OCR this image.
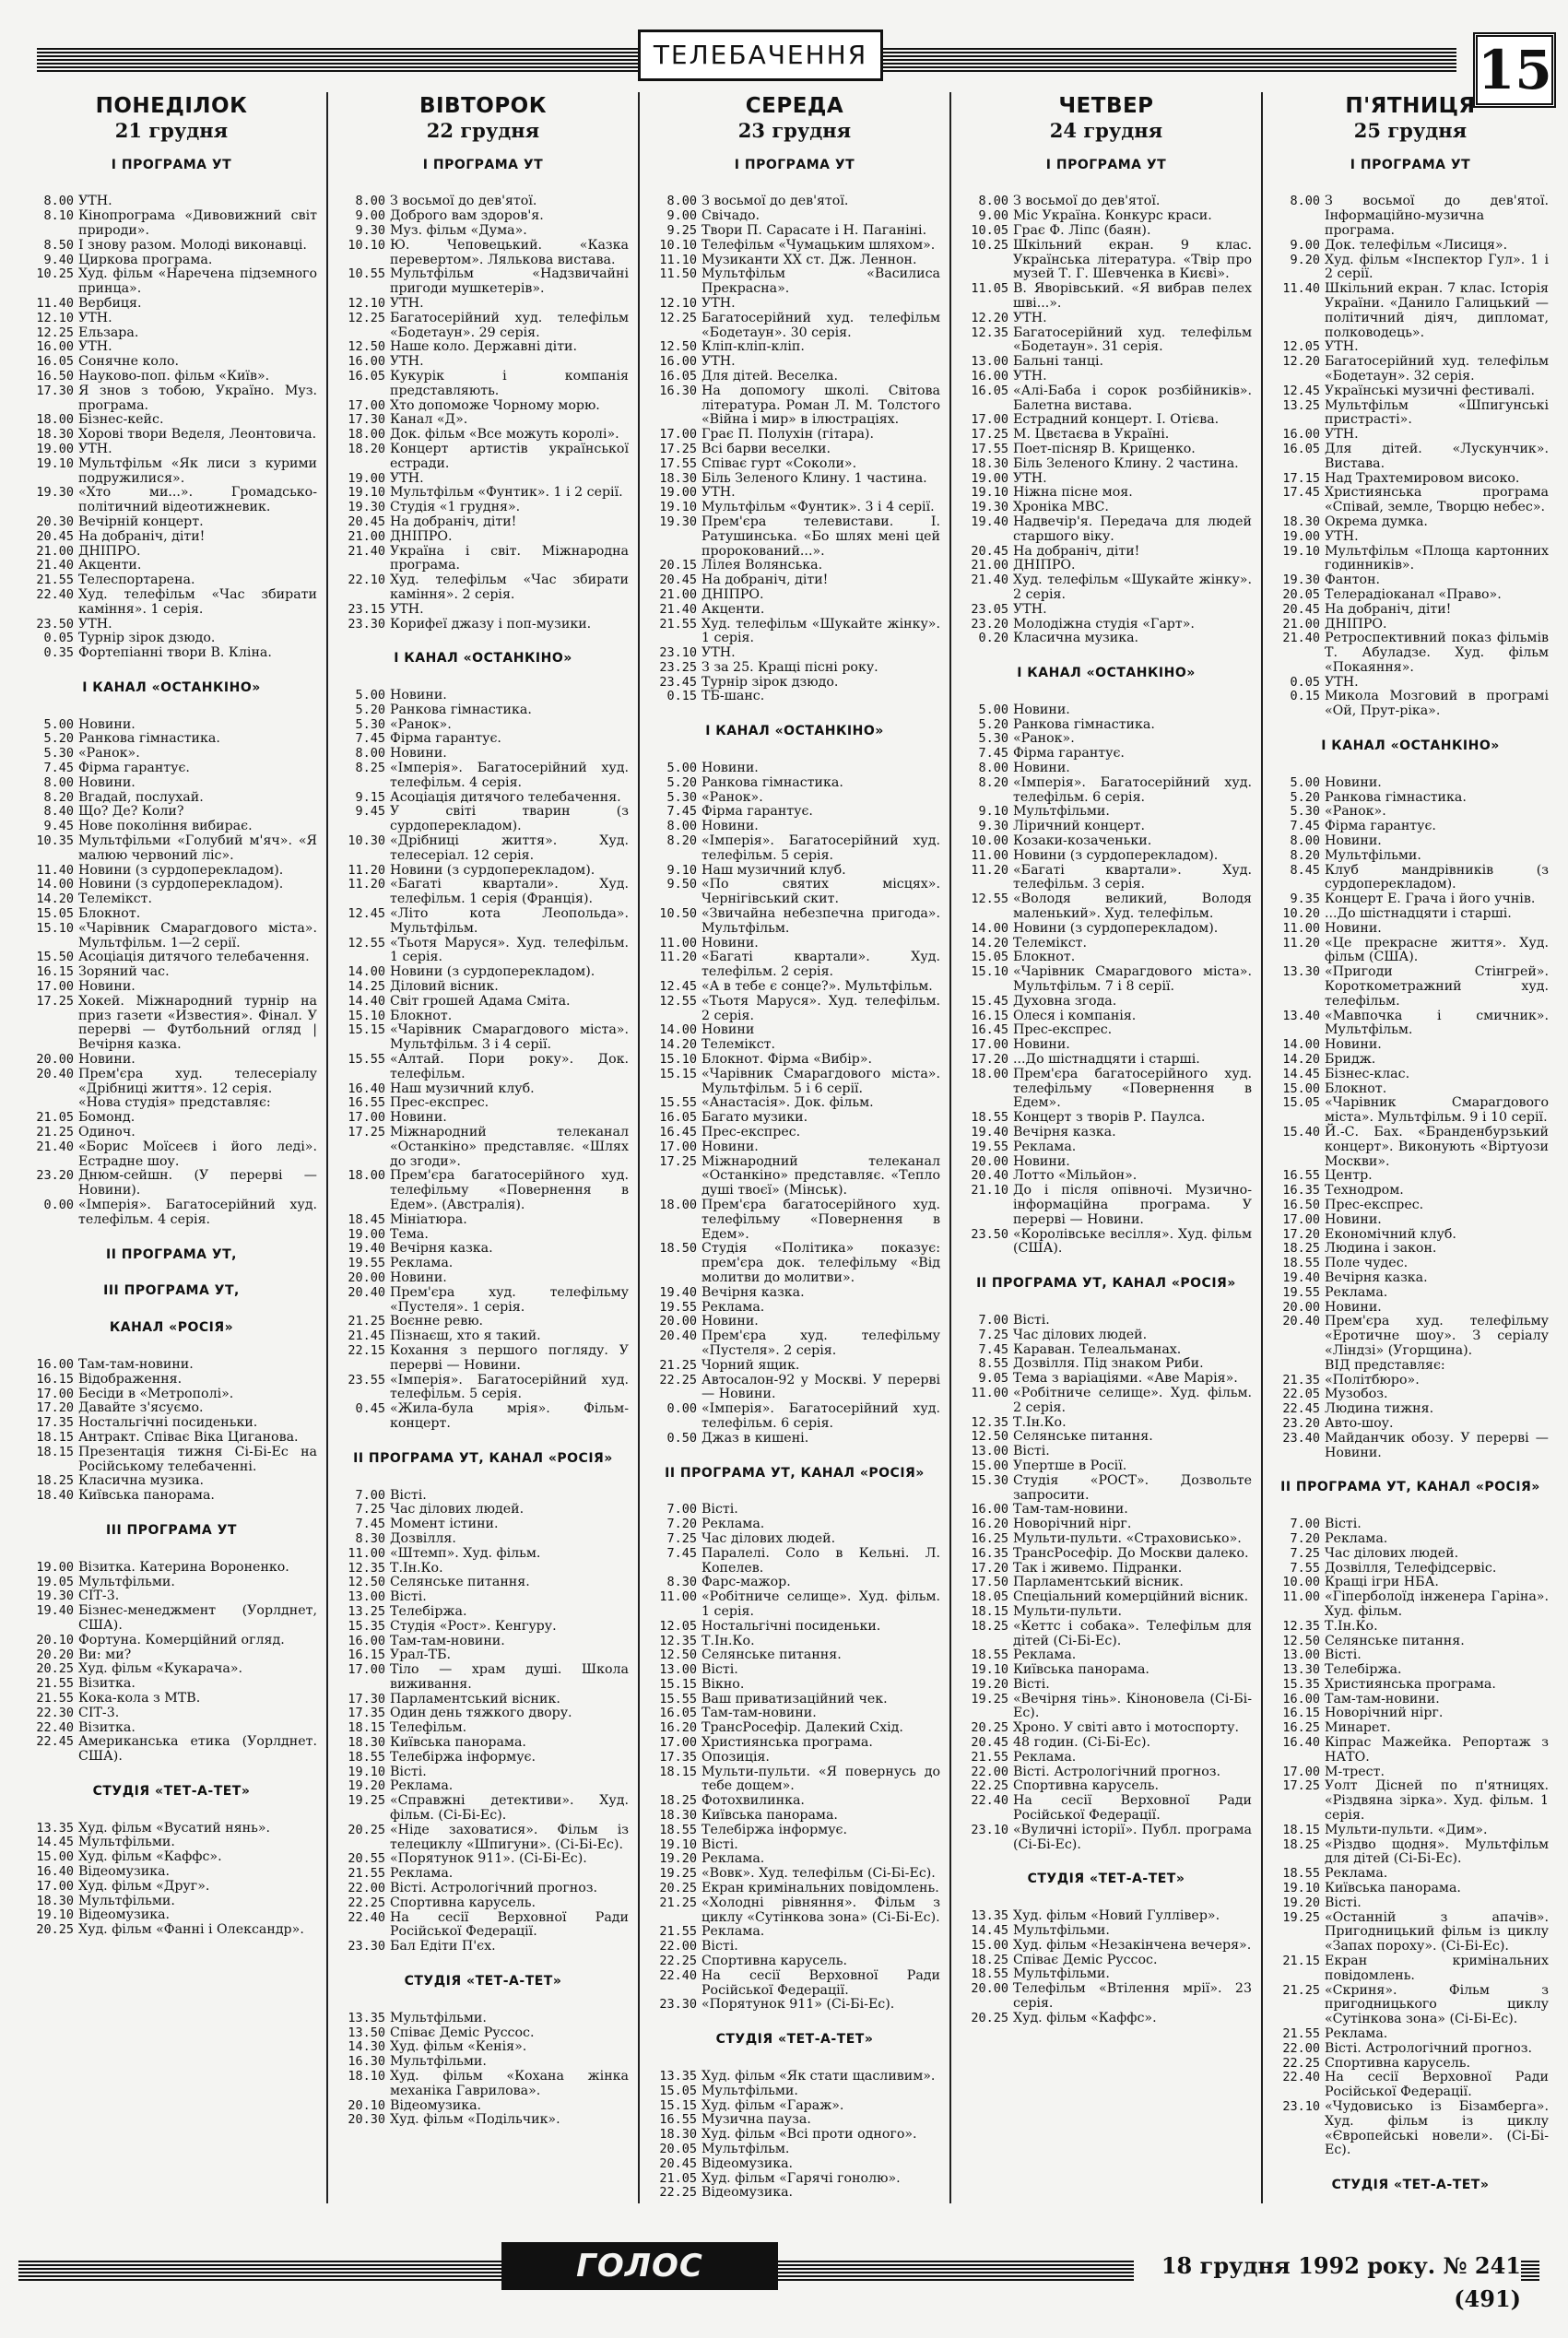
ТЕЛЕБАЧЕННЯ	15
ПОНЕДІЛОК
21 грудня
І ПРОГРАМА УТ
8.00 УТН.
8.10 Кінопрограма «Дивовижний світ природи».
8.50 І знову разом. Молоді виконавці.
9.40 Циркова програма.
10.25 Худ. фільм «Наречена підземного принца».
11.40 Вербиця.
12.10 УТН.
12.25 Ельзара.
16.00 УТН.
16.05 Сонячне коло.
16.50 Науково-поп. фільм «Київ».
17.30 Я знов з тобою, Україно. Муз. програма.
18.00 Бізнес-кейс.
18.30 Хорові твори Веделя, Леонтовича.
19.00 УТН.
19.10 Мультфільм «Як лиси з курими подружилися».
19.30 «Хто ми...». Громадсько-політичний відеотижневик.
20.30 Вечірній концерт.
20.45 На добраніч, діти!
21.00 ДНІПРО.
21.40 Акценти.
21.55 Телеспортарена.
22.40 Худ. телефільм «Час збирати каміння». 1 серія.
23.50 УТН.
0.05 Турнір зірок дзюдо.
0.35 Фортепіанні твори В. Кліна.
І КАНАЛ «ОСТАНКІНО»
5.00 Новини.
5.20 Ранкова гімнастика.
5.30 «Ранок».
7.45 Фірма гарантує.
8.00 Новини.
8.20 Вгадай, послухай.
8.40 Що? Де? Коли?
9.45 Нове покоління вибирає.
10.35 Мультфільми «Голубий м'яч». «Я малюю червоний ліс».
11.40 Новини (з сурдоперекладом).
14.00 Новини (з сурдоперекладом).
14.20 Телемікст.
15.05 Блокнот.
15.10 «Чарівник Смарагдового міста». Мультфільм. 1—2 серії.
15.50 Асоціація дитячого телебачення.
16.15 Зоряний час.
17.00 Новини.
17.25 Хокей. Міжнародний турнір на приз газети «Известия». Фінал. У перерві — Футбольний огляд | Вечірня казка.
20.00 Новини.
20.40 Прем'єра худ. телесеріалу «Дрібниці життя». 12 серія.
«Нова студія» представляє:
21.05 Бомонд.
21.25 Одиноч.
21.40 «Борис Моїсеєв і його леді». Естрадне шоу.
23.20 Днюм-сейшн. (У перерві — Новини).
0.00 «Імперія». Багатосерійний худ. телефільм. 4 серія.
ІІ ПРОГРАМА УТ,
ІІІ ПРОГРАМА УТ,
КАНАЛ «РОСІЯ»
16.00 Там-там-новини.
16.15 Відображення.
17.00 Бесіди в «Метрополі».
17.20 Давайте з'ясуємо.
17.35 Ностальгічні посиденьки.
18.15 Антракт. Співає Віка Циганова.
18.15 Презентація тижня Сі-Бі-Ес на Російському телебаченні.
18.25 Класична музика.
18.40 Київська панорама.
ІІІ ПРОГРАМА УТ
19.00 Візитка. Катерина Вороненко.
19.05 Мультфільми.
19.30 СІТ-3.
19.40 Бізнес-менеджмент (Уорлднет, США).
20.10 Фортуна. Комерційний огляд.
20.20 Ви: ми?
20.25 Худ. фільм «Кукарача».
21.55 Візитка.
21.55 Кока-кола з МТВ.
22.30 СІТ-3.
22.40 Візитка.
22.45 Американська етика (Уорлднет. США).
СТУДІЯ «ТЕТ-А-ТЕТ»
13.35 Худ. фільм «Вусатий нянь».
14.45 Мультфільми.
15.00 Худ. фільм «Каффс».
16.40 Відеомузика.
17.00 Худ. фільм «Друг».
18.30 Мультфільми.
19.10 Відеомузика.
20.25 Худ. фільм «Фанні і Олександр».
ВІВТОРОК
22 грудня
І ПРОГРАМА УТ
8.00 З восьмої до дев'ятої.
9.00 Доброго вам здоров'я.
9.30 Муз. фільм «Дума».
10.10 Ю. Чеповецький. «Казка перевертом». Лялькова вистава.
10.55 Мультфільм «Надзвичайні пригоди мушкетерів».
12.10 УТН.
12.25 Багатосерійний худ. телефільм «Бодетаун». 29 серія.
12.50 Наше коло. Державні діти.
16.00 УТН.
16.05 Кукурік і компанія представляють.
17.00 Хто допоможе Чорному морю.
17.30 Канал «Д».
18.00 Док. фільм «Все можуть королі».
18.20 Концерт артистів української естради.
19.00 УТН.
19.10 Мультфільм «Фунтик». 1 і 2 серії.
19.30 Студія «1 грудня».
20.45 На добраніч, діти!
21.00 ДНІПРО.
21.40 Україна і світ. Міжнародна програма.
22.10 Худ. телефільм «Час збирати каміння». 2 серія.
23.15 УТН.
23.30 Корифеї джазу і поп-музики.
І КАНАЛ «ОСТАНКІНО»
5.00 Новини.
5.20 Ранкова гімнастика.
5.30 «Ранок».
7.45 Фірма гарантує.
8.00 Новини.
8.25 «Імперія». Багатосерійний худ. телефільм. 4 серія.
9.15 Асоціація дитячого телебачення.
9.45 У світі тварин (з сурдоперекладом).
10.30 «Дрібниці життя». Худ. телесеріал. 12 серія.
11.20 Новини (з сурдоперекладом).
11.20 «Багаті квартали». Худ. телефільм. 1 серія (Франція).
12.45 «Літо кота Леопольда». Мультфільм.
12.55 «Тьотя Маруся». Худ. телефільм. 1 серія.
14.00 Новини (з сурдоперекладом).
14.25 Діловий вісник.
14.40 Світ грошей Адама Сміта.
15.10 Блокнот.
15.15 «Чарівник Смарагдового міста». Мультфільм. 3 і 4 серії.
15.55 «Алтай. Пори року». Док. телефільм.
16.40 Наш музичний клуб.
16.55 Прес-експрес.
17.00 Новини.
17.25 Міжнародний телеканал «Останкіно» представляє. «Шлях до згоди».
18.00 Прем'єра багатосерійного худ. телефільму «Повернення в Едем». (Австралія).
18.45 Мініатюра.
19.00 Тема.
19.40 Вечірня казка.
19.55 Реклама.
20.00 Новини.
20.40 Прем'єра худ. телефільму «Пустеля». 1 серія.
21.25 Воєнне ревю.
21.45 Пізнаєш, хто я такий.
22.15 Кохання з першого погляду. У перерві — Новини.
23.55 «Імперія». Багатосерійний худ. телефільм. 5 серія.
0.45 «Жила-була мрія». Фільм-концерт.
ІІ ПРОГРАМА УТ, КАНАЛ «РОСІЯ»
7.00 Вісті.
7.25 Час ділових людей.
7.45 Момент істини.
8.30 Дозвілля.
11.00 «Штемп». Худ. фільм.
12.35 Т.Ін.Ко.
12.50 Селянське питання.
13.00 Вісті.
13.25 Телебіржа.
15.35 Студія «Рост». Кенгуру.
16.00 Там-там-новини.
16.15 Урал-ТБ.
17.00 Тіло — храм душі. Школа виживання.
17.30 Парламентський вісник.
17.35 Один день тяжкого двору.
18.15 Телефільм.
18.30 Київська панорама.
18.55 Телебіржа інформує.
19.10 Вісті.
19.20 Реклама.
19.25 «Справжні детективи». Худ. фільм. (Сі-Бі-Ес).
20.25 «Ніде заховатися». Фільм із телециклу «Шпигуни». (Сі-Бі-Ес).
20.55 «Порятунок 911». (Сі-Бі-Ес).
21.55 Реклама.
22.00 Вісті. Астрологічний прогноз.
22.25 Спортивна карусель.
22.40 На сесії Верховної Ради Російської Федерації.
23.30 Бал Едіти П'єх.
СТУДІЯ «ТЕТ-А-ТЕТ»
13.35 Мультфільми.
13.50 Співає Деміс Руссос.
14.30 Худ. фільм «Кенія».
16.30 Мультфільми.
18.10 Худ. фільм «Кохана жінка механіка Гаврилова».
20.10 Відеомузика.
20.30 Худ. фільм «Подільчик».
СЕРЕДА
23 грудня
І ПРОГРАМА УТ
8.00 З восьмої до дев'ятої.
9.00 Свічадо.
9.25 Твори П. Сарасате і Н. Паганіні.
10.10 Телефільм «Чумацьким шляхом».
11.10 Музиканти XX ст. Дж. Леннон.
11.50 Мультфільм «Василиса Прекрасна».
12.10 УТН.
12.25 Багатосерійний худ. телефільм «Бодетаун». 30 серія.
12.50 Кліп-кліп-кліп.
16.00 УТН.
16.05 Для дітей. Веселка.
16.30 На допомогу школі. Світова література. Роман Л. М. Толстого «Війна і мир» в ілюстраціях.
17.00 Грає П. Полухін (гітара).
17.25 Всі барви веселки.
17.55 Співає гурт «Соколи».
18.30 Біль Зеленого Клину. 1 частина.
19.00 УТН.
19.10 Мультфільм «Фунтик». 3 і 4 серії.
19.30 Прем'єра телевистави. І. Ратушинська. «Бо шлях мені цей пророкований...».
20.15 Лілея Волянська.
20.45 На добраніч, діти!
21.00 ДНІПРО.
21.40 Акценти.
21.55 Худ. телефільм «Шукайте жінку». 1 серія.
23.10 УТН.
23.25 З за 25. Кращі пісні року.
23.45 Турнір зірок дзюдо.
0.15 ТБ-шанс.
І КАНАЛ «ОСТАНКІНО»
5.00 Новини.
5.20 Ранкова гімнастика.
5.30 «Ранок».
7.45 Фірма гарантує.
8.00 Новини.
8.20 «Імперія». Багатосерійний худ. телефільм. 5 серія.
9.10 Наш музичний клуб.
9.50 «По святих місцях». Чернігівський скит.
10.50 «Звичайна небезпечна пригода». Мультфільм.
11.00 Новини.
11.20 «Багаті квартали». Худ. телефільм. 2 серія.
12.45 «А в тебе є сонце?». Мультфільм.
12.55 «Тьотя Маруся». Худ. телефільм. 2 серія.
14.00 Новини
14.20 Телемікст.
15.10 Блокнот. Фірма «Вибір».
15.15 «Чарівник Смарагдового міста». Мультфільм. 5 і 6 серії.
15.55 «Анастасія». Док. фільм.
16.05 Багато музики.
16.45 Прес-експрес.
17.00 Новини.
17.25 Міжнародний телеканал «Останкіно» представляє. «Тепло душі твоєї» (Мінськ).
18.00 Прем'єра багатосерійного худ. телефільму «Повернення в Едем».
18.50 Студія «Політика» показує: прем'єра док. телефільму «Від молитви до молитви».
19.40 Вечірня казка.
19.55 Реклама.
20.00 Новини.
20.40 Прем'єра худ. телефільму «Пустеля». 2 серія.
21.25 Чорний ящик.
22.25 Автосалон-92 у Москві. У перерві — Новини.
0.00 «Імперія». Багатосерійний худ. телефільм. 6 серія.
0.50 Джаз в кишені.
ІІ ПРОГРАМА УТ, КАНАЛ «РОСІЯ»
7.00 Вісті.
7.20 Реклама.
7.25 Час ділових людей.
7.45 Паралелі. Соло в Кельні. Л. Копелев.
8.30 Фарс-мажор.
11.00 «Робітниче селище». Худ. фільм. 1 серія.
12.05 Ностальгічні посиденьки.
12.35 Т.Ін.Ко.
12.50 Селянське питання.
13.00 Вісті.
15.15 Вікно.
15.55 Ваш приватизаційний чек.
16.05 Там-там-новини.
16.20 ТрансРосефір. Далекий Схід.
17.00 Християнська програма.
17.35 Опозиція.
18.15 Мульти-пульти. «Я повернусь до тебе дощем».
18.25 Фотохвилинка.
18.30 Київська панорама.
18.55 Телебіржа інформує.
19.10 Вісті.
19.20 Реклама.
19.25 «Вовк». Худ. телефільм (Сі-Бі-Ес).
20.25 Екран кримінальних повідомлень.
21.25 «Холодні рівняння». Фільм з циклу «Сутінкова зона» (Сі-Бі-Ес).
21.55 Реклама.
22.00 Вісті.
22.25 Спортивна карусель.
22.40 На сесії Верховної Ради Російської Федерації.
23.30 «Порятунок 911» (Сі-Бі-Ес).
СТУДІЯ «ТЕТ-А-ТЕТ»
13.35 Худ. фільм «Як стати щасливим».
15.05 Мультфільми.
15.15 Худ. фільм «Гараж».
16.55 Музична пауза.
18.30 Худ. фільм «Всі проти одного».
20.05 Мультфільм.
20.45 Відеомузика.
21.05 Худ. фільм «Гарячі гонолю».
22.25 Відеомузика.
ЧЕТВЕР
24 грудня
І ПРОГРАМА УТ
8.00 З восьмої до дев'ятої.
9.00 Міс Україна. Конкурс краси.
10.05 Грає Ф. Ліпс (баян).
10.25 Шкільний екран. 9 клас. Українська література. «Твір про музей Т. Г. Шевченка в Києві».
11.05 В. Яворівський. «Я вибрав пелех шві...».
12.20 УТН.
12.35 Багатосерійний худ. телефільм «Бодетаун». 31 серія.
13.00 Бальні танці.
16.00 УТН.
16.05 «Алі-Баба і сорок розбійників». Балетна вистава.
17.00 Естрадний концерт. І. Отієва.
17.25 М. Цвєтаєва в Україні.
17.55 Поет-пісняр В. Крищенко.
18.30 Біль Зеленого Клину. 2 частина.
19.00 УТН.
19.10 Ніжна пісне моя.
19.30 Хроніка МВС.
19.40 Надвечір'я. Передача для людей старшого віку.
20.45 На добраніч, діти!
21.00 ДНІПРО.
21.40 Худ. телефільм «Шукайте жінку». 2 серія.
23.05 УТН.
23.20 Молодіжна студія «Гарт».
0.20 Класична музика.
І КАНАЛ «ОСТАНКІНО»
5.00 Новини.
5.20 Ранкова гімнастика.
5.30 «Ранок».
7.45 Фірма гарантує.
8.00 Новини.
8.20 «Імперія». Багатосерійний худ. телефільм. 6 серія.
9.10 Мультфільми.
9.30 Ліричний концерт.
10.00 Козаки-козаченьки.
11.00 Новини (з сурдоперекладом).
11.20 «Багаті квартали». Худ. телефільм. 3 серія.
12.55 «Володя великий, Володя маленький». Худ. телефільм.
14.00 Новини (з сурдоперекладом).
14.20 Телемікст.
15.05 Блокнот.
15.10 «Чарівник Смарагдового міста». Мультфільм. 7 і 8 серії.
15.45 Духовна згода.
16.15 Олеся і компанія.
16.45 Прес-експрес.
17.00 Новини.
17.20 ...До шістнадцяти і старші.
18.00 Прем'єра багатосерійного худ. телефільму «Повернення в Едем».
18.55 Концерт з творів Р. Паулса.
19.40 Вечірня казка.
19.55 Реклама.
20.00 Новини.
20.40 Лотто «Мільйон».
21.10 До і після опівночі. Музично-інформаційна програма. У перерві — Новини.
23.50 «Королівське весілля». Худ. фільм (США).
ІІ ПРОГРАМА УТ, КАНАЛ «РОСІЯ»
7.00 Вісті.
7.25 Час ділових людей.
7.45 Караван. Телеальманах.
8.55 Дозвілля. Під знаком Риби.
9.05 Тема з варіаціями. «Аве Марія».
11.00 «Робітниче селище». Худ. фільм. 2 серія.
12.35 Т.Ін.Ко.
12.50 Селянське питання.
13.00 Вісті.
15.00 Упертше в Росії.
15.30 Студія «РОСТ». Дозвольте запросити.
16.00 Там-там-новини.
16.20 Новорічний нірг.
16.25 Мульти-пульти. «Страховисько».
16.35 ТрансРосефір. До Москви далеко.
17.20 Так і живемо. Підранки.
17.50 Парламентський вісник.
18.05 Спеціальний комерційний вісник.
18.15 Мульти-пульти.
18.25 «Кеттс і собака». Телефільм для дітей (Сі-Бі-Ес).
18.55 Реклама.
19.10 Київська панорама.
19.20 Вісті.
19.25 «Вечірня тінь». Кіноновела (Сі-Бі-Ес).
20.25 Хроно. У світі авто і мотоспорту.
20.45 48 годин. (Сі-Бі-Ес).
21.55 Реклама.
22.00 Вісті. Астрологічний прогноз.
22.25 Спортивна карусель.
22.40 На сесії Верховної Ради Російської Федерації.
23.10 «Вуличні історії». Публ. програма (Сі-Бі-Ес).
СТУДІЯ «ТЕТ-А-ТЕТ»
13.35 Худ. фільм «Новий Гуллівер».
14.45 Мультфільми.
15.00 Худ. фільм «Незакінчена вечеря».
18.25 Співає Деміс Руссос.
18.55 Мультфільми.
20.00 Телефільм «Втілення мрії». 23 серія.
20.25 Худ. фільм «Каффс».
П'ЯТНИЦЯ
25 грудня
І ПРОГРАМА УТ
8.00 З восьмої до дев'ятої. Інформаційно-музична програма.
9.00 Док. телефільм «Лисиця».
9.20 Худ. фільм «Інспектор Гул». 1 і 2 серії.
11.40 Шкільний екран. 7 клас. Історія України. «Данило Галицький — політичний діяч, дипломат, полководець».
12.05 УТН.
12.20 Багатосерійний худ. телефільм «Бодетаун». 32 серія.
12.45 Українські музичні фестивалі.
13.25 Мультфільм «Шпигунські пристрасті».
16.00 УТН.
16.05 Для дітей. «Лускунчик». Вистава.
17.15 Над Трахтемировом високо.
17.45 Християнська програма «Співай, земле, Творцю небес».
18.30 Окрема думка.
19.00 УТН.
19.10 Мультфільм «Площа картонних годинників».
19.30 Фантон.
20.05 Телерадіоканал «Право».
20.45 На добраніч, діти!
21.00 ДНІПРО.
21.40 Ретроспективний показ фільмів Т. Абуладзе. Худ. фільм «Покаяння».
0.05 УТН.
0.15 Микола Мозговий в програмі «Ой, Прут-ріка».
І КАНАЛ «ОСТАНКІНО»
5.00 Новини.
5.20 Ранкова гімнастика.
5.30 «Ранок».
7.45 Фірма гарантує.
8.00 Новини.
8.20 Мультфільми.
8.45 Клуб мандрівників (з сурдоперекладом).
9.35 Концерт Е. Грача і його учнів.
10.20 ...До шістнадцяти і старші.
11.00 Новини.
11.20 «Це прекрасне життя». Худ. фільм (США).
13.30 «Пригоди Стінгрей». Короткометражний худ. телефільм.
13.40 «Мавпочка і смичник». Мультфільм.
14.00 Новини.
14.20 Бридж.
14.45 Бізнес-клас.
15.00 Блокнот.
15.05 «Чарівник Смарагдового міста». Мультфільм. 9 і 10 серії.
15.40 Й.-С. Бах. «Бранденбурзький концерт». Виконують «Віртуози Москви».
16.55 Центр.
16.35 Технодром.
16.50 Прес-експрес.
17.00 Новини.
17.20 Економічний клуб.
18.25 Людина і закон.
18.55 Поле чудес.
19.40 Вечірня казка.
19.55 Реклама.
20.00 Новини.
20.40 Прем'єра худ. телефільму «Еротичне шоу». З серіалу «Ліндзі» (Угорщина).
ВІД представляє:
21.35 «Політбюро».
22.05 Музобоз.
22.45 Людина тижня.
23.20 Авто-шоу.
23.40 Майданчик обозу. У перерві — Новини.
ІІ ПРОГРАМА УТ, КАНАЛ «РОСІЯ»
7.00 Вісті.
7.20 Реклама.
7.25 Час ділових людей.
7.55 Дозвілля, Телефідсервіс.
10.00 Кращі ігри НБА.
11.00 «Гіперболоїд інженера Гаріна». Худ. фільм.
12.35 Т.Ін.Ко.
12.50 Селянське питання.
13.00 Вісті.
13.30 Телебіржа.
15.35 Християнська програма.
16.00 Там-там-новини.
16.15 Новорічний нірг.
16.25 Минарет.
16.40 Кіпрас Мажейка. Репортаж з НАТО.
17.00 М-трест.
17.25 Уолт Дісней по п'ятницях. «Різдвяна зірка». Худ. фільм. 1 серія.
18.15 Мульти-пульти. «Дим».
18.25 «Різдво щодня». Мультфільм для дітей (Сі-Бі-Ес).
18.55 Реклама.
19.10 Київська панорама.
19.20 Вісті.
19.25 «Останній з апачів». Пригодницький фільм із циклу «Запах пороху». (Сі-Бі-Ес).
21.15 Екран кримінальних повідомлень.
21.25 «Скриня». Фільм з пригодницького циклу «Сутінкова зона» (Сі-Бі-Ес).
21.55 Реклама.
22.00 Вісті. Астрологічний прогноз.
22.25 Спортивна карусель.
22.40 На сесії Верховної Ради Російської Федерації.
23.10 «Чудовисько із Бізамбергa». Худ. фільм із циклу «Європейські новели». (Сі-Бі-Ес).
СТУДІЯ «ТЕТ-А-ТЕТ»
ГОЛОС України
18 грудня 1992 року. № 241 (491)
